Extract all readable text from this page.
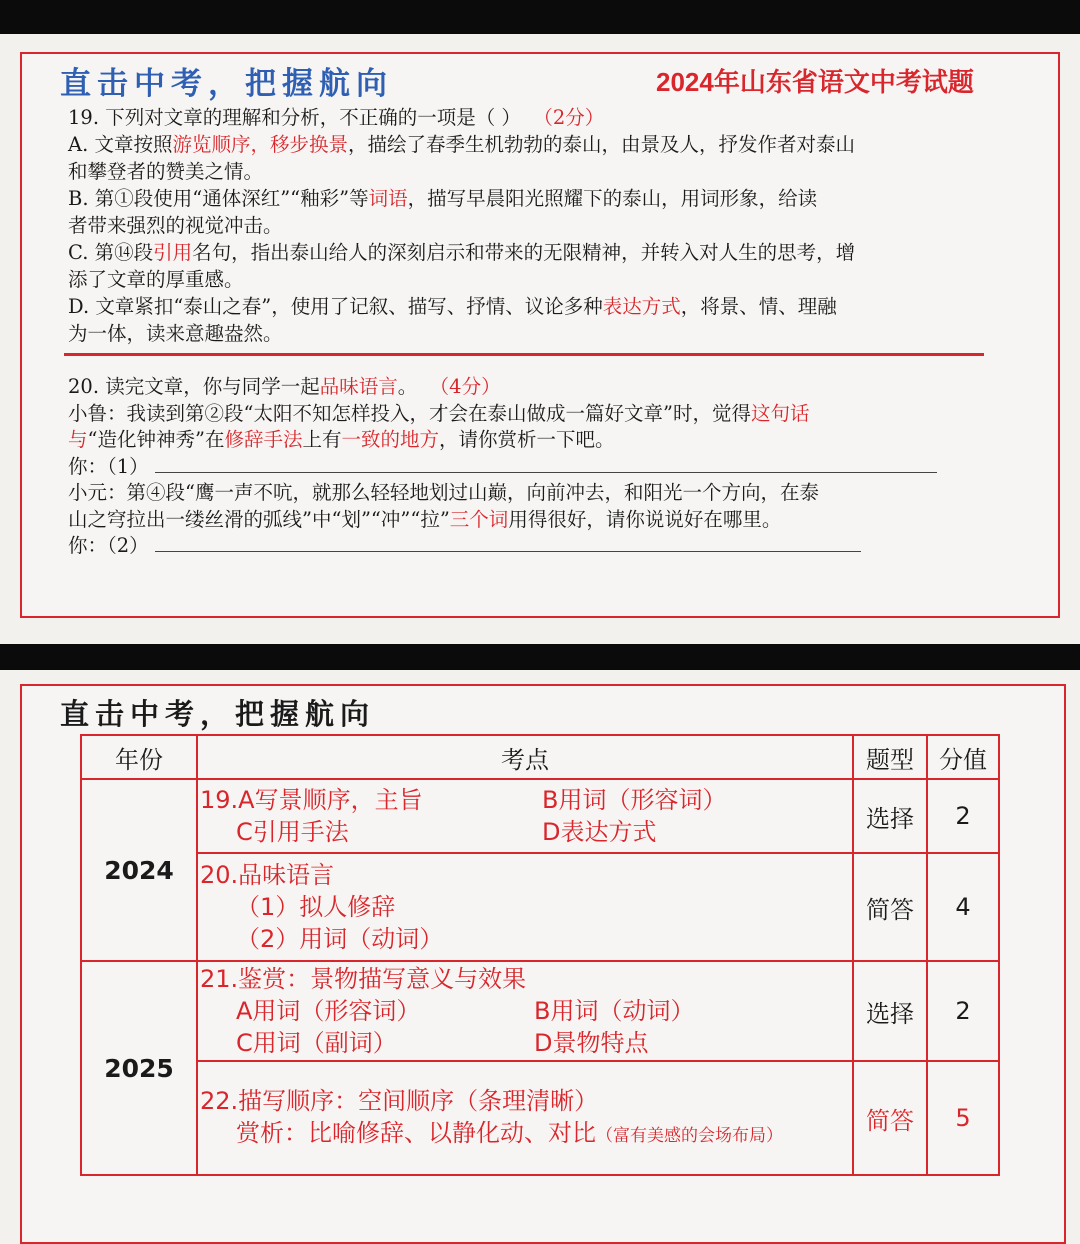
直击中考，把握航向	2024年山东省语文中考试题

19. 下列对文章的理解和分析，不正确的一项是（ ） （2分）

A. 文章按照游览顺序，移步换景，描绘了春季生机勃勃的泰山，由景及人，抒发作者对泰山

和攀登者的赞美之情。

B. 第①段使用“通体深红”“釉彩”等词语，描写早晨阳光照耀下的泰山，用词形象，给读

者带来强烈的视觉冲击。

C. 第⑭段引用名句，指出泰山给人的深刻启示和带来的无限精神，并转入对人生的思考，增

添了文章的厚重感。

D. 文章紧扣“泰山之春”，使用了记叙、描写、抒情、议论多种表达方式，将景、情、理融

为一体，读来意趣盎然。

20. 读完文章，你与同学一起品味语言。 （4分）

小鲁：我读到第②段“太阳不知怎样投入，才会在泰山做成一篇好文章”时，觉得这句话

与“造化钟神秀”在修辞手法上有一致的地方，请你赏析一下吧。

你：（1）

小元：第④段“鹰一声不吭，就那么轻轻地划过山巅，向前冲去，和阳光一个方向，在泰

山之穹拉出一缕丝滑的弧线”中“划”“冲”“拉”三个词用得很好，请你说说好在哪里。

你：（2）

直击中考，把握航向
年份	考点	题型	分值
2024	19.A写景顺序，主旨 B用词（形容词）
C引用手法 D表达方式	选择	2

	20.品味语言
（1）拟人修辞
（2）用词（动词）	简答	4
2025	21.鉴赏：景物描写意义与效果
A用词（形容词） B用词（动词）
C用词（副词） D景物特点	选择	2

	22.描写顺序：空间顺序（条理清晰）
赏析：比喻修辞、以静化动、对比（富有美感的会场布局）	简答	5
